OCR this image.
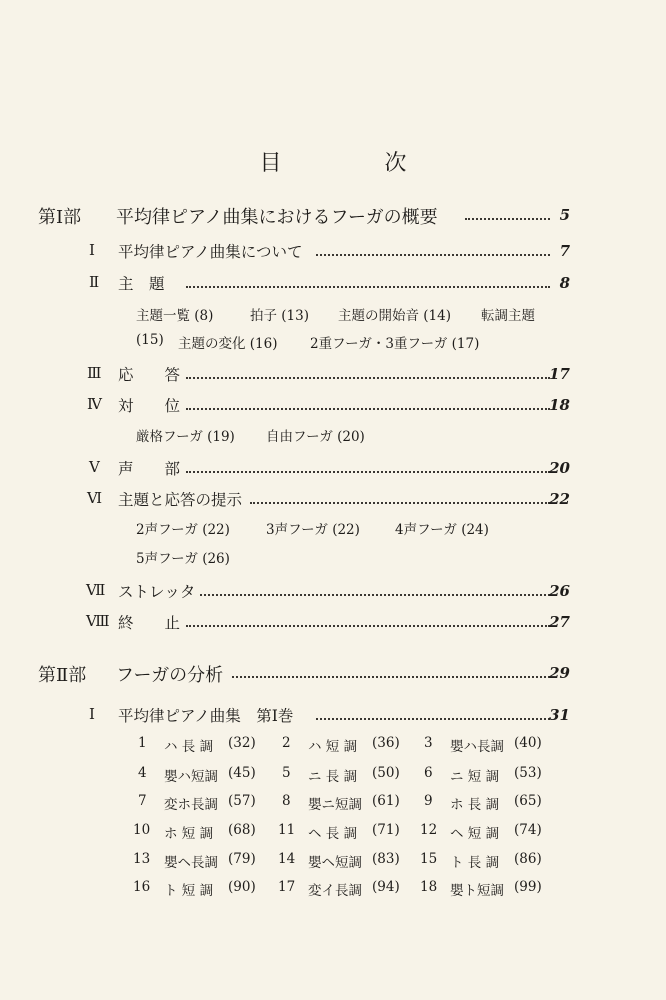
目 次
第Ⅰ部 平均律ピアノ曲集におけるフーガの概要	5
Ⅰ 平均律ピアノ曲集について	7
Ⅱ 主　題	8
主題一覧 (8)	拍子 (13) 主題の開始音 (14) 転調主題
(15) 主題の変化 (16) 2重フーガ・3重フーガ (17)
Ⅲ 応　　答	17
Ⅳ 対　　位	18
厳格フーガ (19) 自由フーガ (20)
Ⅴ 声　　部	20
Ⅵ 主題と応答の提示	22
2声フーガ (22)	3声フーガ (22)	4声フーガ (24)
5声フーガ (26)
Ⅶ ストレッタ	26
Ⅷ 終　　止	27
第Ⅱ部 フーガの分析	29
Ⅰ 平均律ピアノ曲集　第Ⅰ巻	31
1 ハ 長 調 (32) 2 ハ 短 調 (36) 3 嬰ハ長調 (40)
4 嬰ハ短調 (45) 5 ニ 長 調 (50) 6 ニ 短 調 (53)
7 変ホ長調 (57) 8 嬰ニ短調 (61) 9 ホ 長 調 (65)
10 ホ 短 調 (68) 11 ヘ 長 調 (71) 12 ヘ 短 調 (74)
13 嬰ヘ長調 (79) 14 嬰ヘ短調 (83) 15 ト 長 調 (86)
16 ト 短 調 (90) 17 変イ長調 (94) 18 嬰ト短調 (99)
